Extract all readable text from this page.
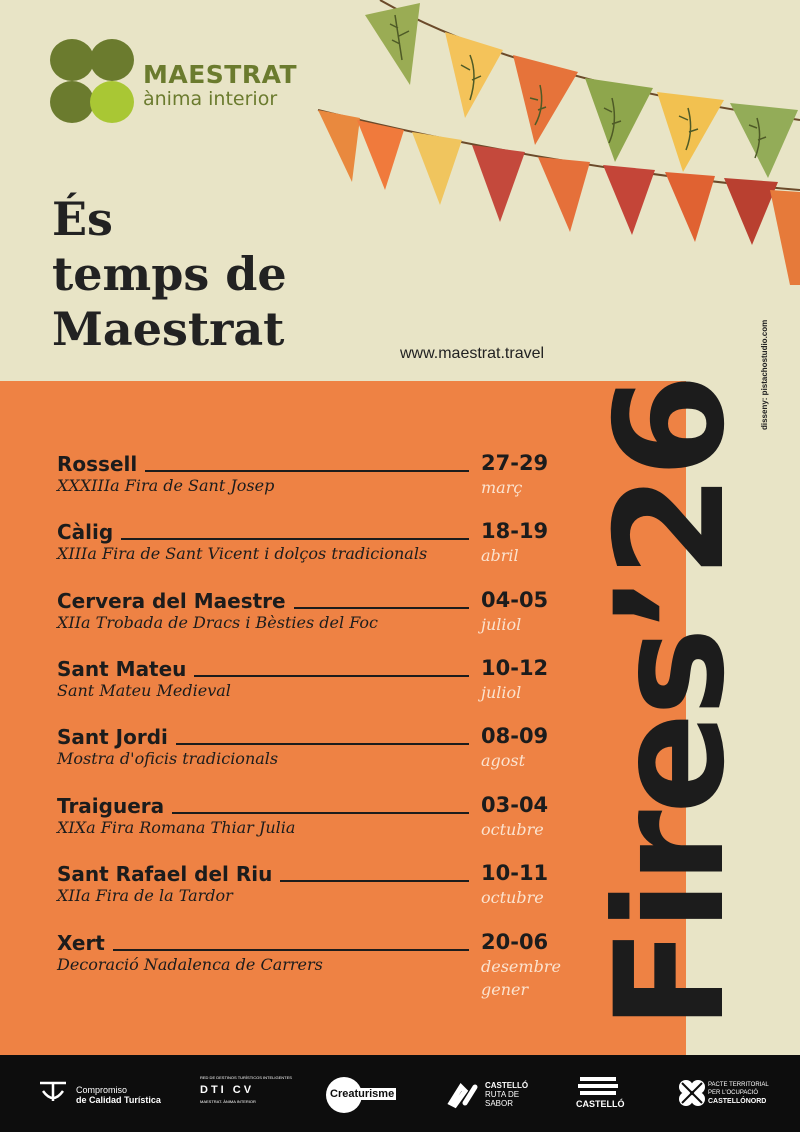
MAESTRAT
ànima interior
És
temps de
Maestrat	www.maestrat.travel
Rossell
XXXIIIa Fira de Sant Josep
27-29
març
Càlig
XIIIa Fira de Sant Vicent i dolços tradicionals
18-19
abril
Cervera del Maestre
XIIa Trobada de Dracs i Bèsties del Foc
04-05
juliol
Sant Mateu
Sant Mateu Medieval
10-12
juliol
Sant Jordi
Mostra d'oficis tradicionals
08-09
agost
Traiguera
XIXa Fira Romana Thiar Julia
03-04
octubre
Sant Rafael del Riu
XIIa Fira de la Tardor
10-11
octubre
Xert
Decoració Nadalenca de Carrers
20-06
desembre
gener Fires’26
disseny: pistachostudio.com
Compromiso
de Calidad Turística
RED DE DESTINOS TURÍSTICOS INTELIGENTES
DTI CV
MAESTRAT. ÀNIMA INTERIOR
Creaturisme
CASTELLÓ
RUTA DE
SABOR	CASTELLÓ
PACTE TERRITORIAL
PER L'OCUPACIÓ
CASTELLÓNORD
